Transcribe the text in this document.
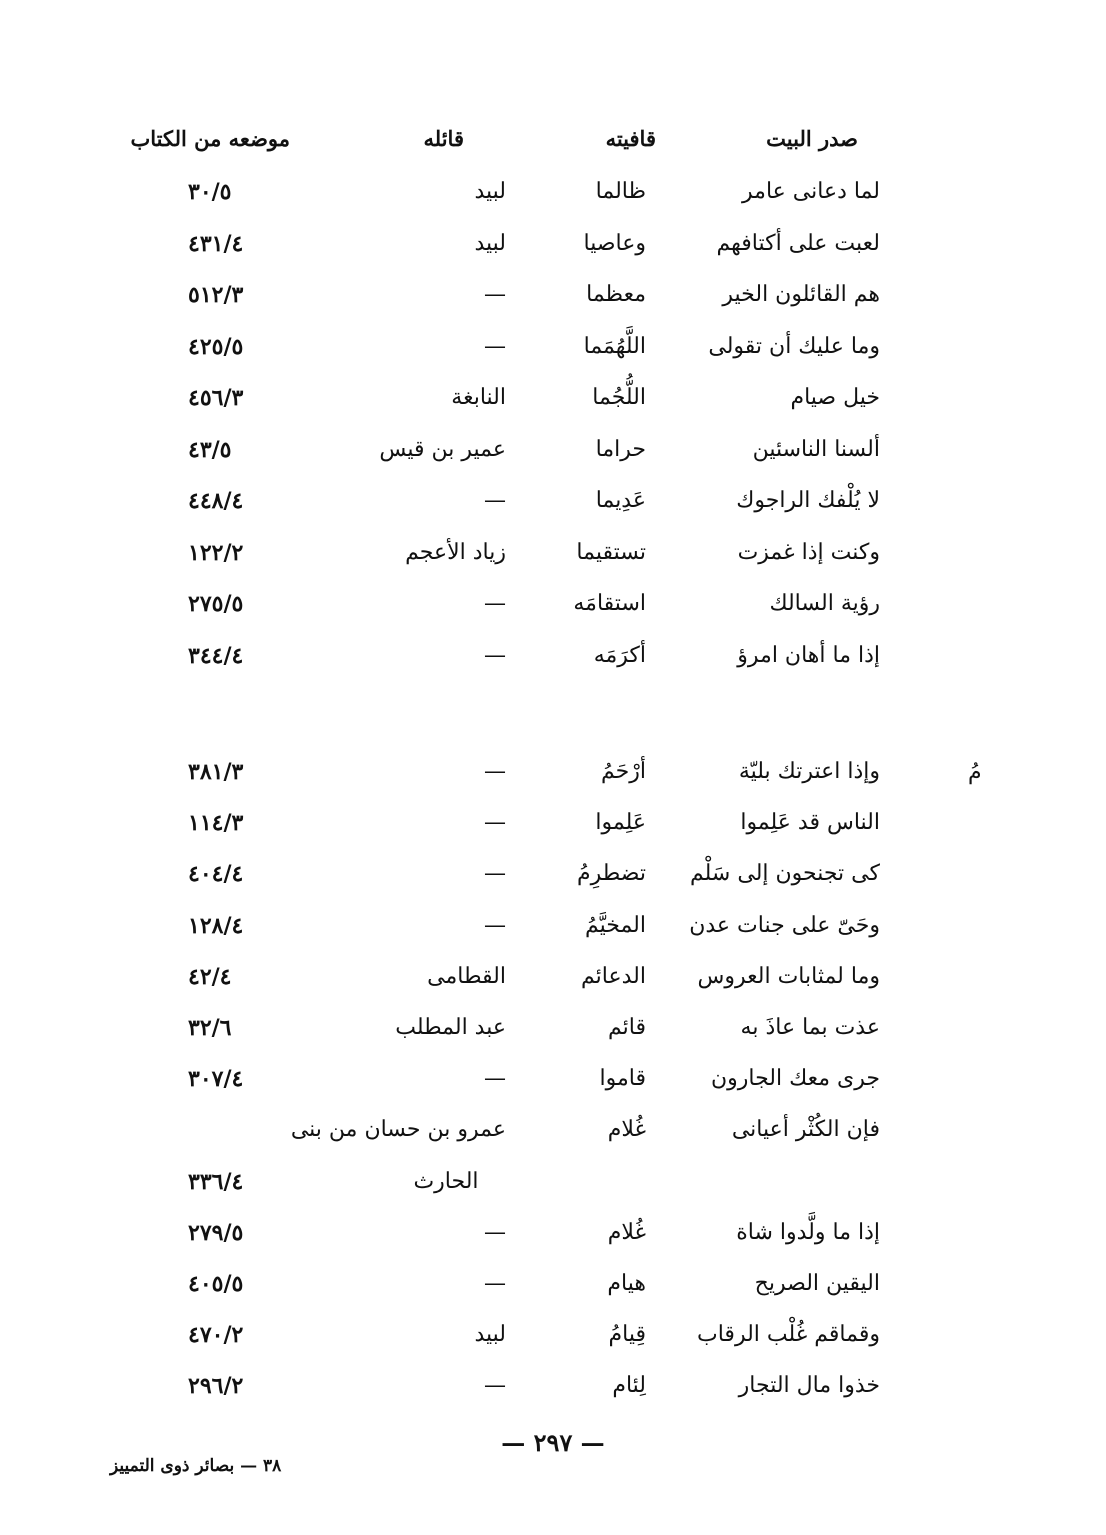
صدر البيت
قافيته
قائله
موضعه من الكتاب
لما دعانى عامر
ظالما
لبيد
٣٠/٥
لعبت على أكتافهم
وعاصيا
لبيد
٤٣١/٤
هم القائلون الخير
معظما
—
٥١٢/٣
وما عليك أن تقولى
اللَّهُمَما
—
٤٢٥/٥
خيل صيام
اللُّجُما
النابغة
٤٥٦/٣
ألسنا الناسئين
حراما
عمير بن قيس
٤٣/٥
لا يُلْفك الراجوك
عَدِيما
—
٤٤٨/٤
وكنت إذا غمزت
تستقيما
زياد الأعجم
١٢٢/٢
رؤية السالك
استقامَه
—
٢٧٥/٥
إذا ما أهان امرؤ
أكرَمَه
—
٣٤٤/٤
مُ
وإذا اعترتك بليّة
أرْحَمُ
—
٣٨١/٣
الناس قد عَلِموا
عَلِموا
—
١١٤/٣
كى تجنحون إلى سَلْم
تضطرِمُ
—
٤٠٤/٤
وحَىّ على جنات عدن
المخيَّمُ
—
١٢٨/٤
وما لمثابات العروس
الدعائم
القطامى
٤٢/٤
عذت بما عاذَ به
قائم
عبد المطلب
٣٢/٦
جرى معك الجارون
قاموا
—
٣٠٧/٤
فإن الكُثْر أعيانى
غُلام
عمرو بن حسان من بنى
الحارث
٣٣٦/٤
إذا ما ولَّدوا شاة
غُلام
—
٢٧٩/٥
اليقين الصريح
هيام
—
٤٠٥/٥
وقماقم غُلْب الرقاب
قِيامُ
لبيد
٤٧٠/٢
خذوا مال التجار
لِئام
—
٢٩٦/٢
— ٢٩٧ —
٣٨ — بصائر ذوى التمييز
